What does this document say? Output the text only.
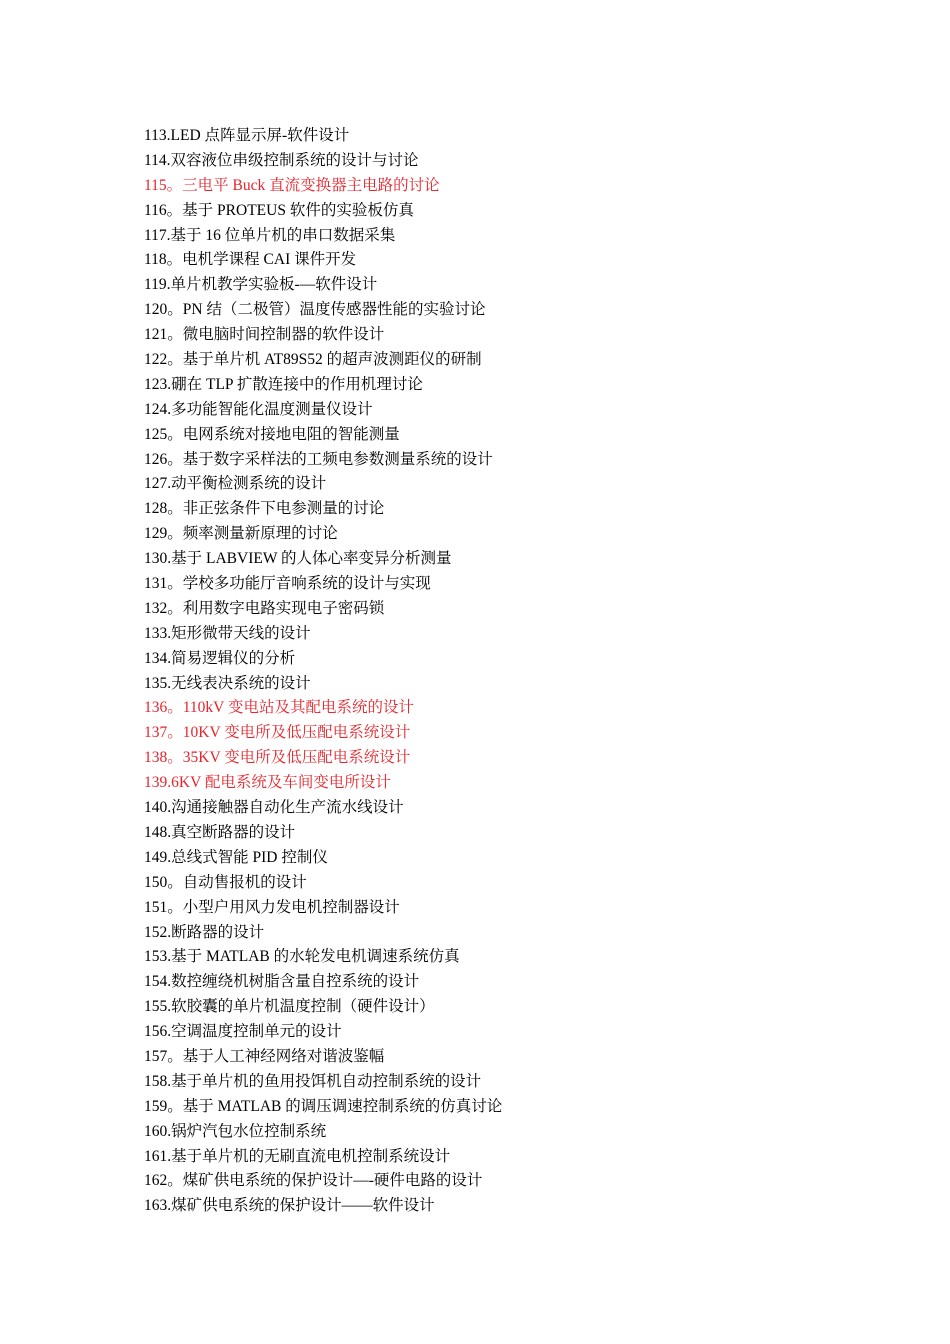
113.LED 点阵显示屏-软件设计
114.双容液位串级控制系统的设计与讨论
115。三电平 Buck 直流变换器主电路的讨论
116。基于 PROTEUS 软件的实验板仿真
117.基于 16 位单片机的串口数据采集
118。电机学课程 CAI 课件开发
119.单片机教学实验板-—软件设计
120。PN 结（二极管）温度传感器性能的实验讨论
121。微电脑时间控制器的软件设计
122。基于单片机 AT89S52 的超声波测距仪的研制
123.硼在 TLP 扩散连接中的作用机理讨论
124.多功能智能化温度测量仪设计
125。电网系统对接地电阻的智能测量
126。基于数字采样法的工频电参数测量系统的设计
127.动平衡检测系统的设计
128。非正弦条件下电参测量的讨论
129。频率测量新原理的讨论
130.基于 LABVIEW 的人体心率变异分析测量
131。学校多功能厅音响系统的设计与实现
132。利用数字电路实现电子密码锁
133.矩形微带天线的设计
134.简易逻辑仪的分析
135.无线表决系统的设计
136。110kV 变电站及其配电系统的设计
137。10KV 变电所及低压配电系统设计
138。35KV 变电所及低压配电系统设计
139.6KV 配电系统及车间变电所设计
140.沟通接触器自动化生产流水线设计
148.真空断路器的设计
149.总线式智能 PID 控制仪
150。自动售报机的设计
151。小型户用风力发电机控制器设计
152.断路器的设计
153.基于 MATLAB 的水轮发电机调速系统仿真
154.数控缠绕机树脂含量自控系统的设计
155.软胶囊的单片机温度控制（硬件设计）
156.空调温度控制单元的设计
157。基于人工神经网络对谐波鉴幅
158.基于单片机的鱼用投饵机自动控制系统的设计
159。基于 MATLAB 的调压调速控制系统的仿真讨论
160.锅炉汽包水位控制系统
161.基于单片机的无刷直流电机控制系统设计
162。煤矿供电系统的保护设计—-硬件电路的设计
163.煤矿供电系统的保护设计——软件设计
